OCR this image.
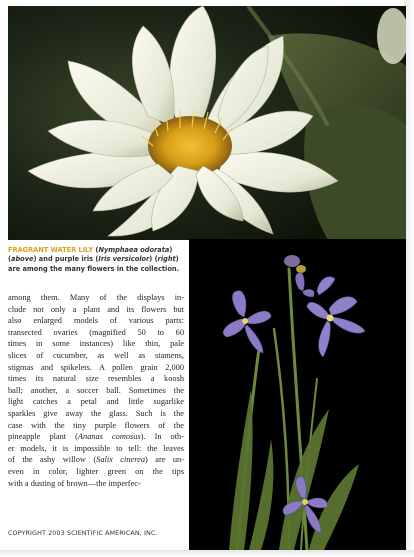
FRAGRANT WATER LILY (Nymphaea odorata)
(above) and purple iris (Iris versicolor) (right) are among the many flowers in the collection.
among them. Many of the displays in-
clude not only a plant and its flowers but
also enlarged models of various parts:
transected ovaries (magnified 50 to 60
times in some instances) like thin, pale
slices of cucumber, as well as stamens,
stigmas and spikelets. A pollen grain 2,000
times its natural size resembles a koosh
ball; another, a soccer ball. Sometimes the
light catches a petal and little sugarlike
sparkles give away the glass. Such is the
case with the tiny purple flowers of the
pineapple plant (Ananas comosus). In oth-
er models, it is impossible to tell: the leaves
of the ashy willow (Salix cinerea) are un-
even in color, lighter green on the tips
with a dusting of brown—the imperfec-
COPYRIGHT 2003 SCIENTIFIC AMERICAN, INC.
